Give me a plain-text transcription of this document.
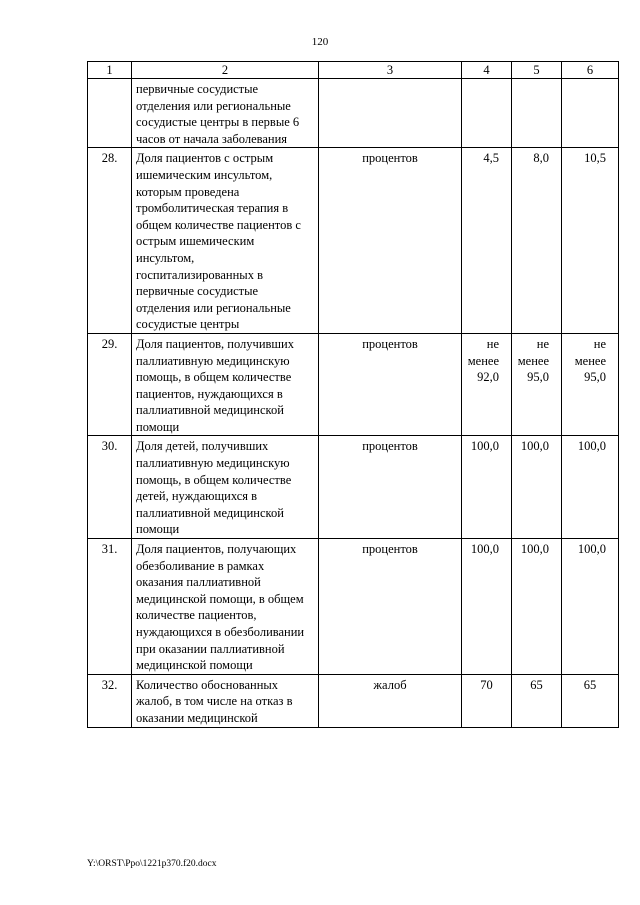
120
1	2	3	4	5	6
	первичные сосудистые отделения или региональные сосудистые центры в первые 6 часов от начала заболевания				
28.	Доля пациентов с острым ишемическим инсультом, которым проведена тромболитическая терапия в общем количестве пациентов с острым ишемическим инсультом, госпитализированных в первичные сосудистые отделения или региональные сосудистые центры	процентов	4,5	8,0	10,5
29.	Доля пациентов, получивших паллиативную медицинскую помощь, в общем количестве пациентов, нуждающихся в паллиативной медицинской помощи	процентов	не менее 92,0	не менее 95,0	не менее 95,0
30.	Доля детей, получивших паллиативную медицинскую помощь, в общем количестве детей, нуждающихся в паллиативной медицинской помощи	процентов	100,0	100,0	100,0
31.	Доля пациентов, получающих обезболивание в рамках оказания паллиативной медицинской помощи, в общем количестве пациентов, нуждающихся в обезболивании при оказании паллиативной медицинской помощи	процентов	100,0	100,0	100,0
32.	Количество обоснованных жалоб, в том числе на отказ в оказании медицинской	жалоб	70	65	65
Y:\ORST\Ppo\1221p370.f20.docx
